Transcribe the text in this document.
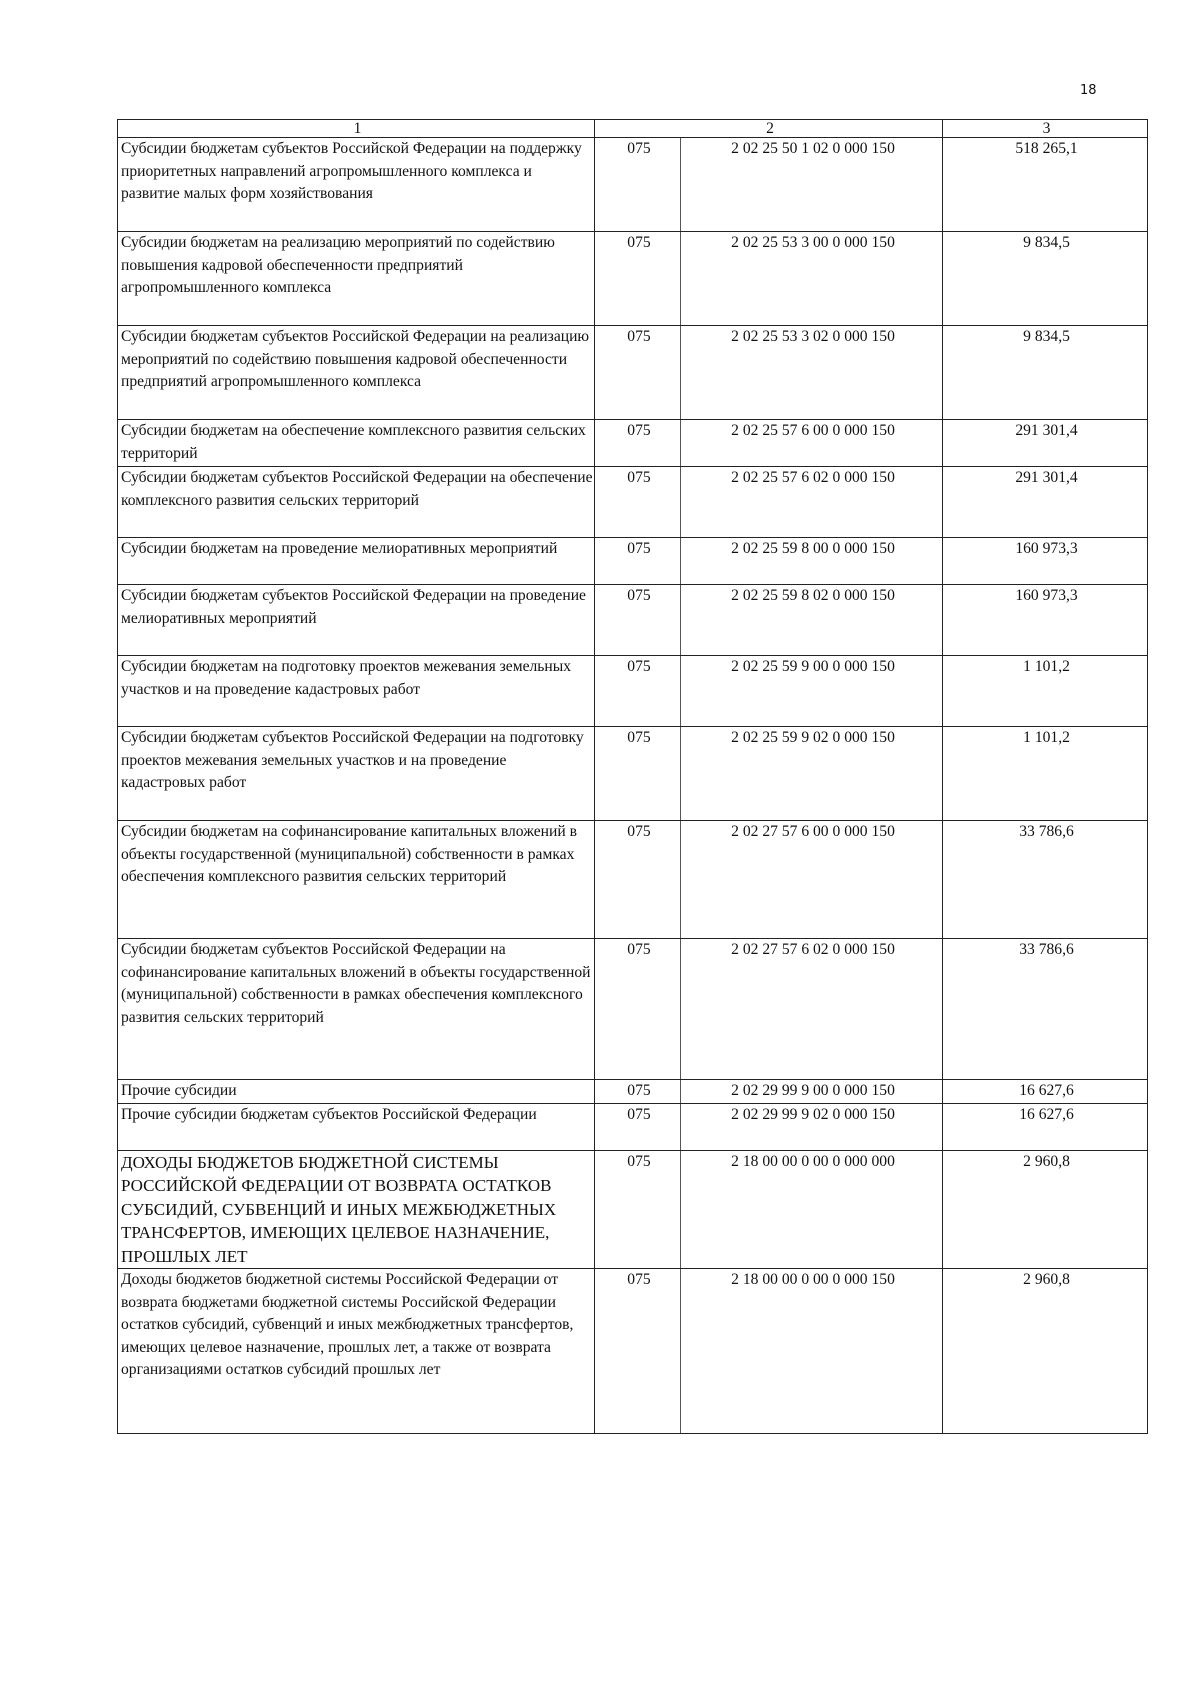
18
1	2		3
Субсидии бюджетам субъектов Российской Федерации на поддержку приоритетных направлений агропромышленного комплекса и развитие малых форм хозяйствования	075	2 02 25 50 1 02 0 000 150	518 265,1
Субсидии бюджетам на реализацию мероприятий по содействию повышения кадровой обеспеченности предприятий агропромышленного комплекса	075	2 02 25 53 3 00 0 000 150	9 834,5
Субсидии бюджетам субъектов Российской Федерации на реализацию мероприятий по содействию повышения кадровой обеспеченности предприятий агропромышленного комплекса	075	2 02 25 53 3 02 0 000 150	9 834,5
Субсидии бюджетам на обеспечение комплексного развития сельских территорий	075	2 02 25 57 6 00 0 000 150	291 301,4
Субсидии бюджетам субъектов Российской Федерации на обеспечение комплексного развития сельских территорий	075	2 02 25 57 6 02 0 000 150	291 301,4
Субсидии бюджетам на проведение мелиоративных мероприятий	075	2 02 25 59 8 00 0 000 150	160 973,3
Субсидии бюджетам субъектов Российской Федерации на проведение мелиоративных мероприятий	075	2 02 25 59 8 02 0 000 150	160 973,3
Субсидии бюджетам на подготовку проектов межевания земельных участков и на проведение кадастровых работ	075	2 02 25 59 9 00 0 000 150	1 101,2
Субсидии бюджетам субъектов Российской Федерации на подготовку проектов межевания земельных участков и на проведение кадастровых работ	075	2 02 25 59 9 02 0 000 150	1 101,2
Субсидии бюджетам на софинансирование капитальных вложений в объекты государственной (муниципальной) собственности в рамках обеспечения комплексного развития сельских территорий	075	2 02 27 57 6 00 0 000 150	33 786,6
Субсидии бюджетам субъектов Российской Федерации на софинансирование капитальных вложений в объекты государственной (муниципальной) собственности в рамках обеспечения комплексного развития сельских территорий	075	2 02 27 57 6 02 0 000 150	33 786,6
Прочие субсидии	075	2 02 29 99 9 00 0 000 150	16 627,6
Прочие субсидии бюджетам субъектов Российской Федерации	075	2 02 29 99 9 02 0 000 150	16 627,6
ДОХОДЫ БЮДЖЕТОВ БЮДЖЕТНОЙ СИСТЕМЫ РОССИЙСКОЙ ФЕДЕРАЦИИ ОТ ВОЗВРАТА ОСТАТКОВ СУБСИДИЙ, СУБВЕНЦИЙ И ИНЫХ МЕЖБЮДЖЕТНЫХ ТРАНСФЕРТОВ, ИМЕЮЩИХ ЦЕЛЕВОЕ НАЗНАЧЕНИЕ, ПРОШЛЫХ ЛЕТ	075	2 18 00 00 0 00 0 000 000	2 960,8
Доходы бюджетов бюджетной системы Российской Федерации от возврата бюджетами бюджетной системы Российской Федерации остатков субсидий, субвенций и иных межбюджетных трансфертов, имеющих целевое назначение, прошлых лет, а также от возврата организациями остатков субсидий прошлых лет	075	2 18 00 00 0 00 0 000 150	2 960,8
